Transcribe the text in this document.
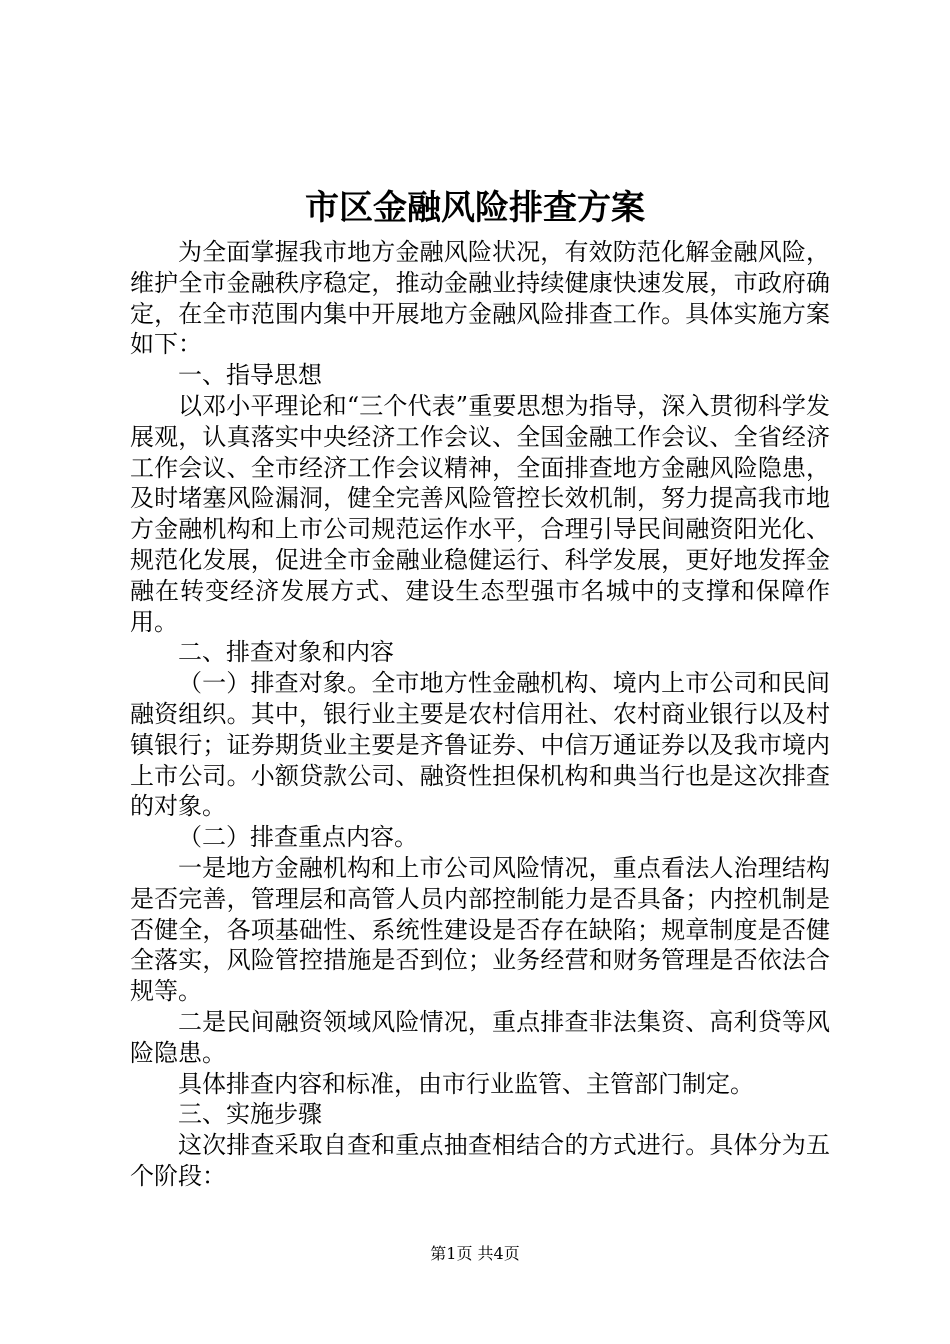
市区金融风险排查方案

为全面掌握我市地方金融风险状况，有效防范化解金融风险，维护全市金融秩序稳定，推动金融业持续健康快速发展，市政府确定，在全市范围内集中开展地方金融风险排查工作。具体实施方案如下：

一、指导思想

以邓小平理论和“三个代表”重要思想为指导，深入贯彻科学发展观，认真落实中央经济工作会议、全国金融工作会议、全省经济工作会议、全市经济工作会议精神，全面排查地方金融风险隐患，及时堵塞风险漏洞，健全完善风险管控长效机制，努力提高我市地方金融机构和上市公司规范运作水平，合理引导民间融资阳光化、规范化发展，促进全市金融业稳健运行、科学发展，更好地发挥金融在转变经济发展方式、建设生态型强市名城中的支撑和保障作用。

二、排查对象和内容

（一）排查对象。全市地方性金融机构、境内上市公司和民间融资组织。其中，银行业主要是农村信用社、农村商业银行以及村镇银行；证券期货业主要是齐鲁证券、中信万通证券以及我市境内上市公司。小额贷款公司、融资性担保机构和典当行也是这次排查的对象。

（二）排查重点内容。

一是地方金融机构和上市公司风险情况，重点看法人治理结构是否完善，管理层和高管人员内部控制能力是否具备；内控机制是否健全，各项基础性、系统性建设是否存在缺陷；规章制度是否健全落实，风险管控措施是否到位；业务经营和财务管理是否依法合规等。

二是民间融资领域风险情况，重点排查非法集资、高利贷等风险隐患。

具体排查内容和标准，由市行业监管、主管部门制定。

三、实施步骤

这次排查采取自查和重点抽查相结合的方式进行。具体分为五个阶段：

第1页 共4页
